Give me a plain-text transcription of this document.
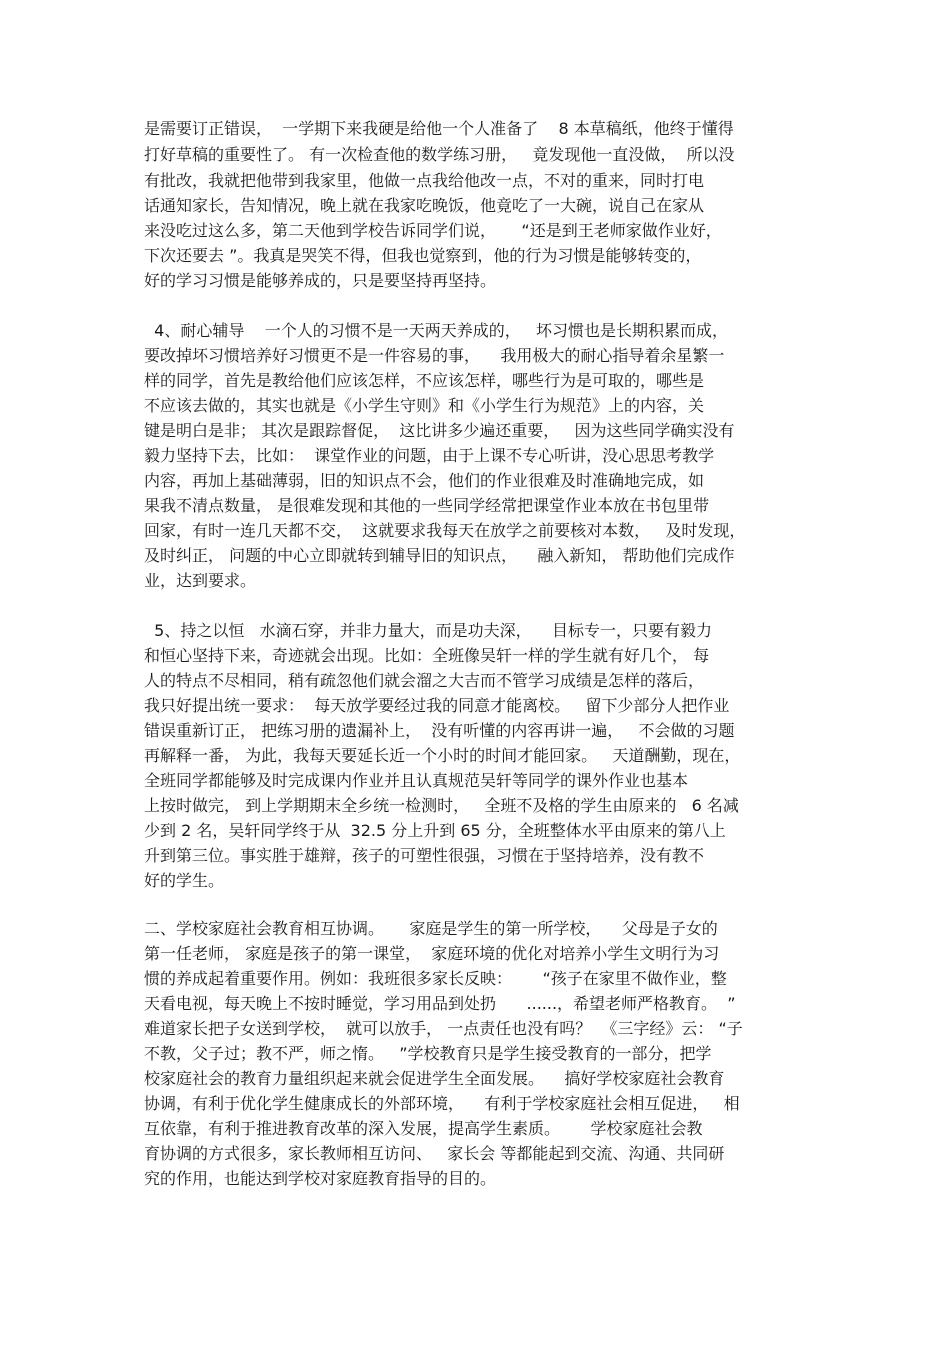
是需要订正错误，  一学期下来我硬是给他一个人准备了    8 本草稿纸，他终于懂得
打好草稿的重要性了。 有一次检查他的数学练习册，   竟发现他一直没做，  所以没
有批改，我就把他带到我家里，他做一点我给他改一点，不对的重来，同时打电
话通知家长，告知情况，晚上就在我家吃晚饭，他竟吃了一大碗，说自己在家从
来没吃过这么多，第二天他到学校告诉同学们说，     “还是到王老师家做作业好，
下次还要去 ”。我真是哭笑不得，但我也觉察到，他的行为习惯是能够转变的，
好的学习习惯是能够养成的，只是要坚持再坚持。
4、耐心辅导    一个人的习惯不是一天两天养成的，   坏习惯也是长期积累而成，
要改掉坏习惯培养好习惯更不是一件容易的事，    我用极大的耐心指导着余星繁一
样的同学，首先是教给他们应该怎样，不应该怎样，哪些行为是可取的，哪些是
不应该去做的，其实也就是《小学生守则》和《小学生行为规范》上的内容，关
键是明白是非； 其次是跟踪督促，  这比讲多少遍还重要，   因为这些同学确实没有
毅力坚持下去，比如：  课堂作业的问题，由于上课不专心听讲，没心思思考教学
内容，再加上基础薄弱，旧的知识点不会，他们的作业很难及时准确地完成，如
果我不清点数量， 是很难发现和其他的一些同学经常把课堂作业本放在书包里带
回家，有时一连几天都不交，  这就要求我每天在放学之前要核对本数，   及时发现，
及时纠正， 问题的中心立即就转到辅导旧的知识点，    融入新知， 帮助他们完成作
业，达到要求。
5、持之以恒   水滴石穿，并非力量大，而是功夫深，    目标专一，只要有毅力
和恒心坚持下来，奇迹就会出现。比如：全班像吴轩一样的学生就有好几个， 每
人的特点不尽相同，稍有疏忽他们就会溜之大吉而不管学习成绩是怎样的落后，
我只好提出统一要求：  每天放学要经过我的同意才能离校。   留下少部分人把作业
错误重新订正， 把练习册的遗漏补上，  没有听懂的内容再讲一遍，   不会做的习题
再解释一番， 为此，我每天要延长近一个小时的时间才能回家。   天道酬勤，现在，
全班同学都能够及时完成课内作业并且认真规范吴轩等同学的课外作业也基本
上按时做完， 到上学期期末全乡统一检测时，   全班不及格的学生由原来的   6 名减
少到 2 名，吴轩同学终于从  32.5 分上升到 65 分，全班整体水平由原来的第八上
升到第三位。事实胜于雄辩，孩子的可塑性很强，习惯在于坚持培养，没有教不
好的学生。
二、学校家庭社会教育相互协调。     家庭是学生的第一所学校，    父母是子女的
第一任老师， 家庭是孩子的第一课堂，  家庭环境的优化对培养小学生文明行为习
惯的养成起着重要作用。例如：我班很多家长反映：      “孩子在家里不做作业，整
天看电视，每天晚上不按时睡觉，学习用品到处扔      ......，希望老师严格教育。  ”
难道家长把子女送到学校，  就可以放手， 一点责任也没有吗？  《三字经》云： “子
不教，父子过；教不严，师之惰。   ”学校教育只是学生接受教育的一部分，把学
校家庭社会的教育力量组织起来就会促进学生全面发展。    搞好学校家庭社会教育
协调，有利于优化学生健康成长的外部环境，    有利于学校家庭社会相互促进，   相
互依靠，有利于推进教育改革的深入发展，提高学生素质。      学校家庭社会教
育协调的方式很多，家长教师相互访问、   家长会 等都能起到交流、沟通、共同研
究的作用，也能达到学校对家庭教育指导的目的。
